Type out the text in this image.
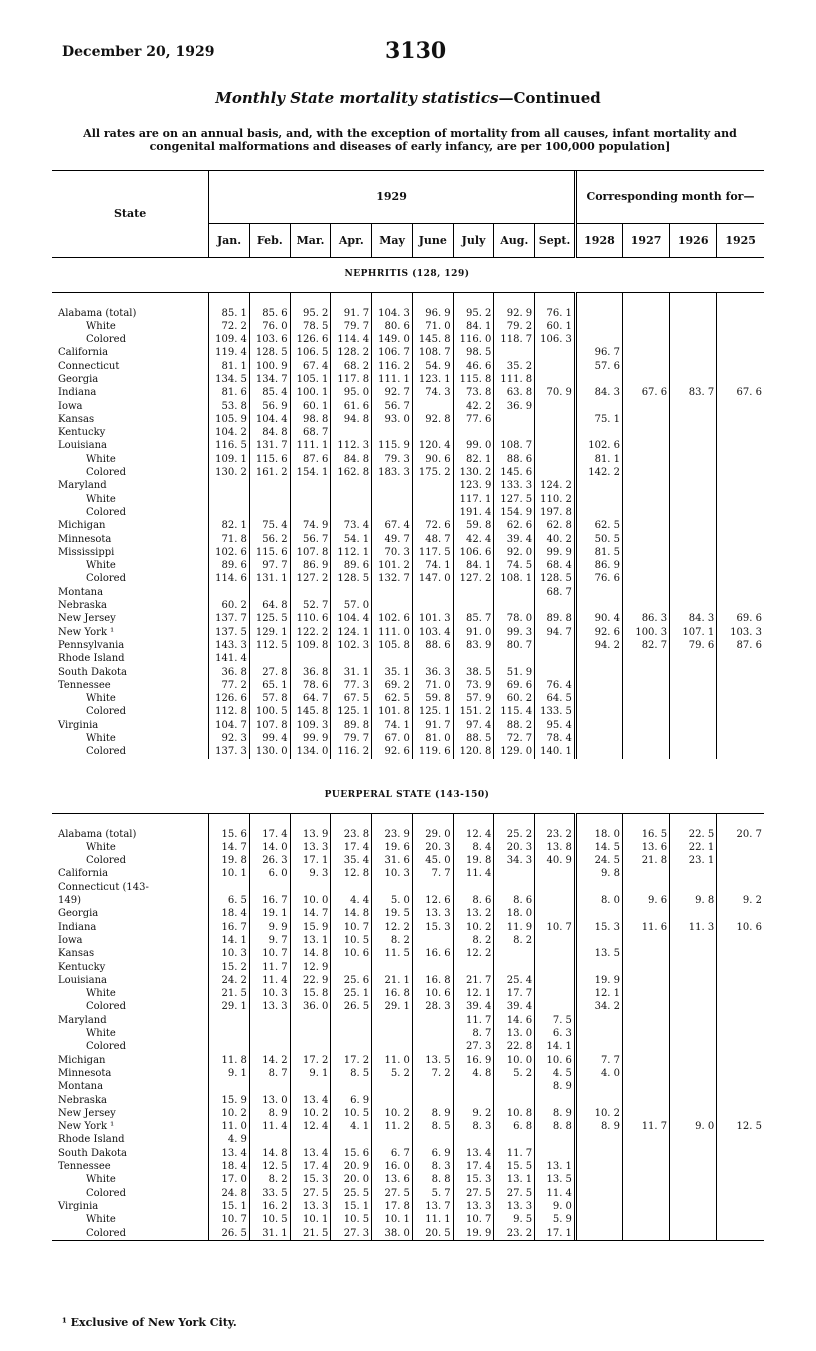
December 20, 1929	3130
Monthly State mortality statistics—Continued
All rates are on an annual basis, and, with the exception of mortality from all causes, infant mortality and congenital malformations and diseases of early infancy, are per 100,000 population]
State	1929									Corresponding month for—			
	Jan.	Feb.	Mar.	Apr.	May	June	July	Aug.	Sept.	1928	1927	1926	1925
NEPHRITIS (128, 129)													

Alabama (total)	85. 1	85. 6	95. 2	91. 7	104. 3	96. 9	95. 2	92. 9	76. 1				
White	72. 2	76. 0	78. 5	79. 7	80. 6	71. 0	84. 1	79. 2	60. 1				
Colored	109. 4	103. 6	126. 6	114. 4	149. 0	145. 8	116. 0	118. 7	106. 3				
California	119. 4	128. 5	106. 5	128. 2	106. 7	108. 7	98. 5			96. 7			
Connecticut	81. 1	100. 9	67. 4	68. 2	116. 2	54. 9	46. 6	35. 2		57. 6			
Georgia	134. 5	134. 7	105. 1	117. 8	111. 1	123. 1	115. 8	111. 8					
Indiana	81. 6	85. 4	100. 1	95. 0	92. 7	74. 3	73. 8	63. 8	70. 9	84. 3	67. 6	83. 7	67. 6
Iowa	53. 8	56. 9	60. 1	61. 6	56. 7		42. 2	36. 9					
Kansas	105. 9	104. 4	98. 8	94. 8	93. 0	92. 8	77. 6			75. 1			
Kentucky	104. 2	84. 8	68. 7										
Louisiana	116. 5	131. 7	111. 1	112. 3	115. 9	120. 4	99. 0	108. 7		102. 6			
White	109. 1	115. 6	87. 6	84. 8	79. 3	90. 6	82. 1	88. 6		81. 1			
Colored	130. 2	161. 2	154. 1	162. 8	183. 3	175. 2	130. 2	145. 6		142. 2			
Maryland							123. 9	133. 3	124. 2				
White							117. 1	127. 5	110. 2				
Colored							191. 4	154. 9	197. 8				
Michigan	82. 1	75. 4	74. 9	73. 4	67. 4	72. 6	59. 8	62. 6	62. 8	62. 5			
Minnesota	71. 8	56. 2	56. 7	54. 1	49. 7	48. 7	42. 4	39. 4	40. 2	50. 5			
Mississippi	102. 6	115. 6	107. 8	112. 1	70. 3	117. 5	106. 6	92. 0	99. 9	81. 5			
White	89. 6	97. 7	86. 9	89. 6	101. 2	74. 1	84. 1	74. 5	68. 4	86. 9			
Colored	114. 6	131. 1	127. 2	128. 5	132. 7	147. 0	127. 2	108. 1	128. 5	76. 6			
Montana									68. 7				
Nebraska	60. 2	64. 8	52. 7	57. 0									
New Jersey	137. 7	125. 5	110. 6	104. 4	102. 6	101. 3	85. 7	78. 0	89. 8	90. 4	86. 3	84. 3	69. 6
New York ¹	137. 5	129. 1	122. 2	124. 1	111. 0	103. 4	91. 0	99. 3	94. 7	92. 6	100. 3	107. 1	103. 3
Pennsylvania	143. 3	112. 5	109. 8	102. 3	105. 8	88. 6	83. 9	80. 7		94. 2	82. 7	79. 6	87. 6
Rhode Island	141. 4												
South Dakota	36. 8	27. 8	36. 8	31. 1	35. 1	36. 3	38. 5	51. 9					
Tennessee	77. 2	65. 1	78. 6	77. 3	69. 2	71. 0	73. 9	69. 6	76. 4				
White	126. 6	57. 8	64. 7	67. 5	62. 5	59. 8	57. 9	60. 2	64. 5				
Colored	112. 8	100. 5	145. 8	125. 1	101. 8	125. 1	151. 2	115. 4	133. 5				
Virginia	104. 7	107. 8	109. 3	89. 8	74. 1	91. 7	97. 4	88. 2	95. 4				
White	92. 3	99. 4	99. 9	79. 7	67. 0	81. 0	88. 5	72. 7	78. 4				
Colored	137. 3	130. 0	134. 0	116. 2	92. 6	119. 6	120. 8	129. 0	140. 1				

PUERPERAL STATE (143-150)													

Alabama (total)	15. 6	17. 4	13. 9	23. 8	23. 9	29. 0	12. 4	25. 2	23. 2	18. 0	16. 5	22. 5	20. 7
White	14. 7	14. 0	13. 3	17. 4	19. 6	20. 3	8. 4	20. 3	13. 8	14. 5	13. 6	22. 1	
Colored	19. 8	26. 3	17. 1	35. 4	31. 6	45. 0	19. 8	34. 3	40. 9	24. 5	21. 8	23. 1	
California	10. 1	6. 0	9. 3	12. 8	10. 3	7. 7	11. 4			9. 8			
Connecticut (143-													
149)	6. 5	16. 7	10. 0	4. 4	5. 0	12. 6	8. 6	8. 6		8. 0	9. 6	9. 8	9. 2
Georgia	18. 4	19. 1	14. 7	14. 8	19. 5	13. 3	13. 2	18. 0					
Indiana	16. 7	9. 9	15. 9	10. 7	12. 2	15. 3	10. 2	11. 9	10. 7	15. 3	11. 6	11. 3	10. 6
Iowa	14. 1	9. 7	13. 1	10. 5	8. 2		8. 2	8. 2					
Kansas	10. 3	10. 7	14. 8	10. 6	11. 5	16. 6	12. 2			13. 5			
Kentucky	15. 2	11. 7	12. 9										
Louisiana	24. 2	11. 4	22. 9	25. 6	21. 1	16. 8	21. 7	25. 4		19. 9			
White	21. 5	10. 3	15. 8	25. 1	16. 8	10. 6	12. 1	17. 7		12. 1			
Colored	29. 1	13. 3	36. 0	26. 5	29. 1	28. 3	39. 4	39. 4		34. 2			
Maryland							11. 7	14. 6	7. 5				
White							8. 7	13. 0	6. 3				
Colored							27. 3	22. 8	14. 1				
Michigan	11. 8	14. 2	17. 2	17. 2	11. 0	13. 5	16. 9	10. 0	10. 6	7. 7			
Minnesota	9. 1	8. 7	9. 1	8. 5	5. 2	7. 2	4. 8	5. 2	4. 5	4. 0			
Montana									8. 9				
Nebraska	15. 9	13. 0	13. 4	6. 9									
New Jersey	10. 2	8. 9	10. 2	10. 5	10. 2	8. 9	9. 2	10. 8	8. 9	10. 2			
New York ¹	11. 0	11. 4	12. 4	4. 1	11. 2	8. 5	8. 3	6. 8	8. 8	8. 9	11. 7	9. 0	12. 5
Rhode Island	4. 9												
South Dakota	13. 4	14. 8	13. 4	15. 6	6. 7	6. 9	13. 4	11. 7					
Tennessee	18. 4	12. 5	17. 4	20. 9	16. 0	8. 3	17. 4	15. 5	13. 1				
White	17. 0	8. 2	15. 3	20. 0	13. 6	8. 8	15. 3	13. 1	13. 5				
Colored	24. 8	33. 5	27. 5	25. 5	27. 5	5. 7	27. 5	27. 5	11. 4				
Virginia	15. 1	16. 2	13. 3	15. 1	17. 8	13. 7	13. 3	13. 3	9. 0				
White	10. 7	10. 5	10. 1	10. 5	10. 1	11. 1	10. 7	9. 5	5. 9				
Colored	26. 5	31. 1	21. 5	27. 3	38. 0	20. 5	19. 9	23. 2	17. 1				
¹ Exclusive of New York City.
